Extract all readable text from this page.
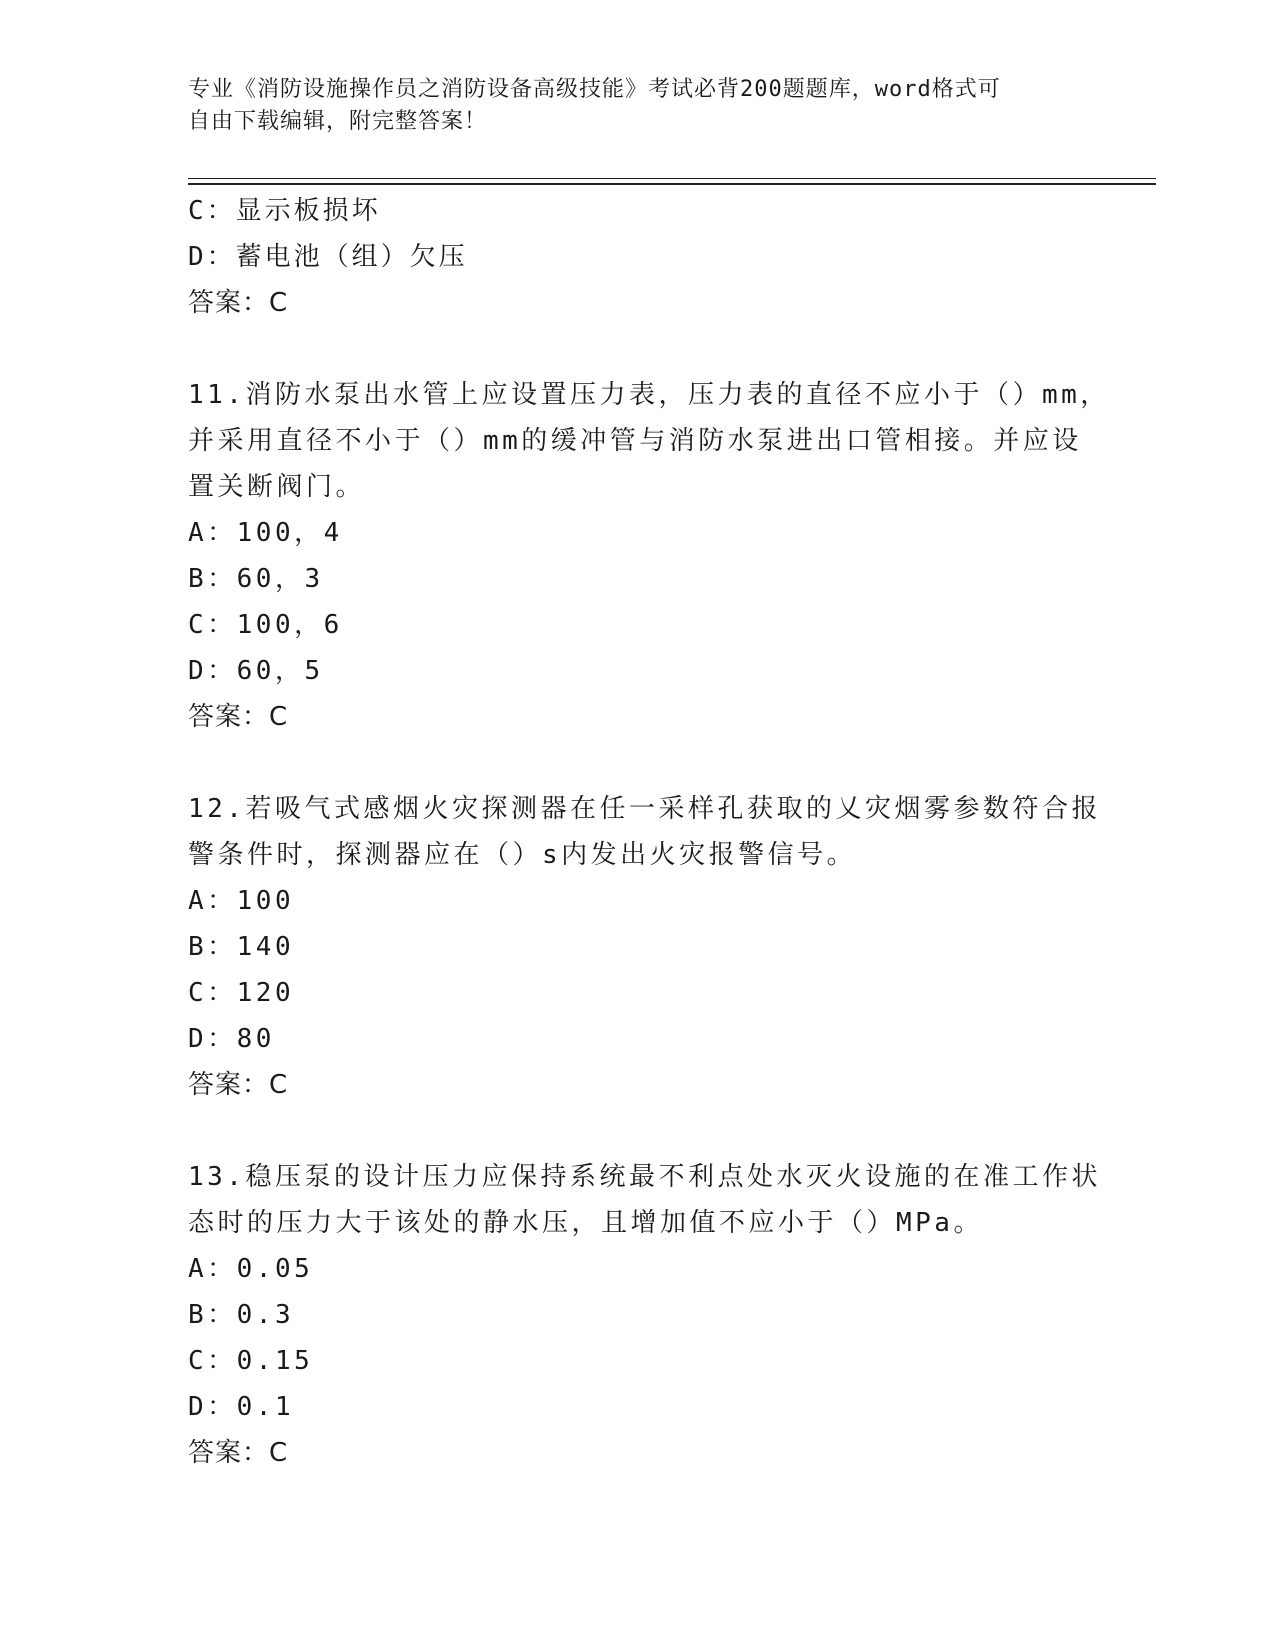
专业《消防设施操作员之消防设备高级技能》考试必背200题题库，word格式可
自由下载编辑，附完整答案！
C：显示板损坏
D：蓄电池（组）欠压
答案：C
11.消防水泵出水管上应设置压力表，压力表的直径不应小于（）mm，
并采用直径不小于（）mm的缓冲管与消防水泵进出口管相接。并应设
置关断阀门。
A：100，4
B：60，3
C：100，6
D：60，5
答案：C
12.若吸气式感烟火灾探测器在任一采样孔获取的乂灾烟雾参数符合报
警条件时，探测器应在（）s内发出火灾报警信号。
A：100
B：140
C：120
D：80
答案：C
13.稳压泵的设计压力应保持系统最不利点处水灭火设施的在准工作状
态时的压力大于该处的静水压，且增加值不应小于（）MPa。
A：0.05
B：0.3
C：0.15
D：0.1
答案：C
